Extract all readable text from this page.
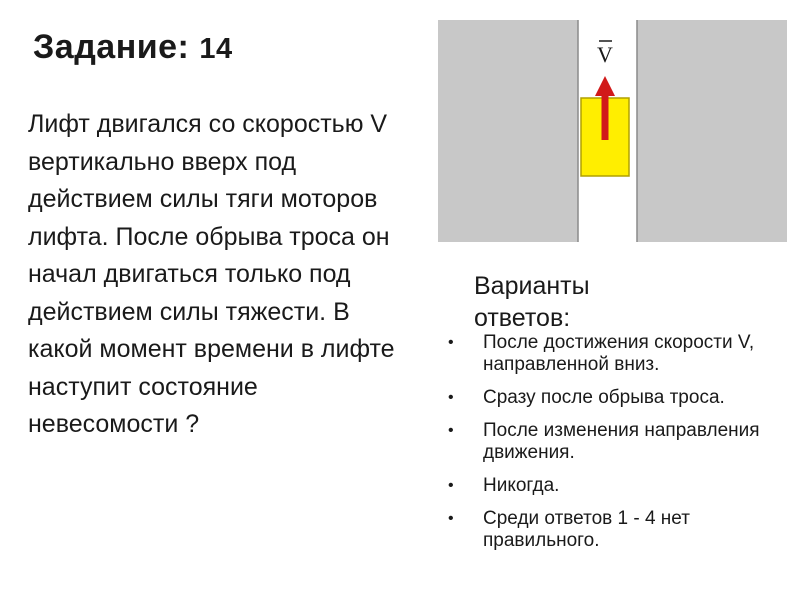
Задание: 14

Лифт двигался со скоростью V вертикально вверх под действием силы тяги моторов лифта. После обрыва троса он начал двигаться только под действием силы тяжести. В какой момент времени в лифте наступит состояние невесомости ?

V
Варианты ответов:
• После достижения скорости V, направленной вниз.
• Сразу после обрыва троса.
• После изменения направления движения.
• Никогда.
• Среди ответов 1 - 4 нет правильного.
